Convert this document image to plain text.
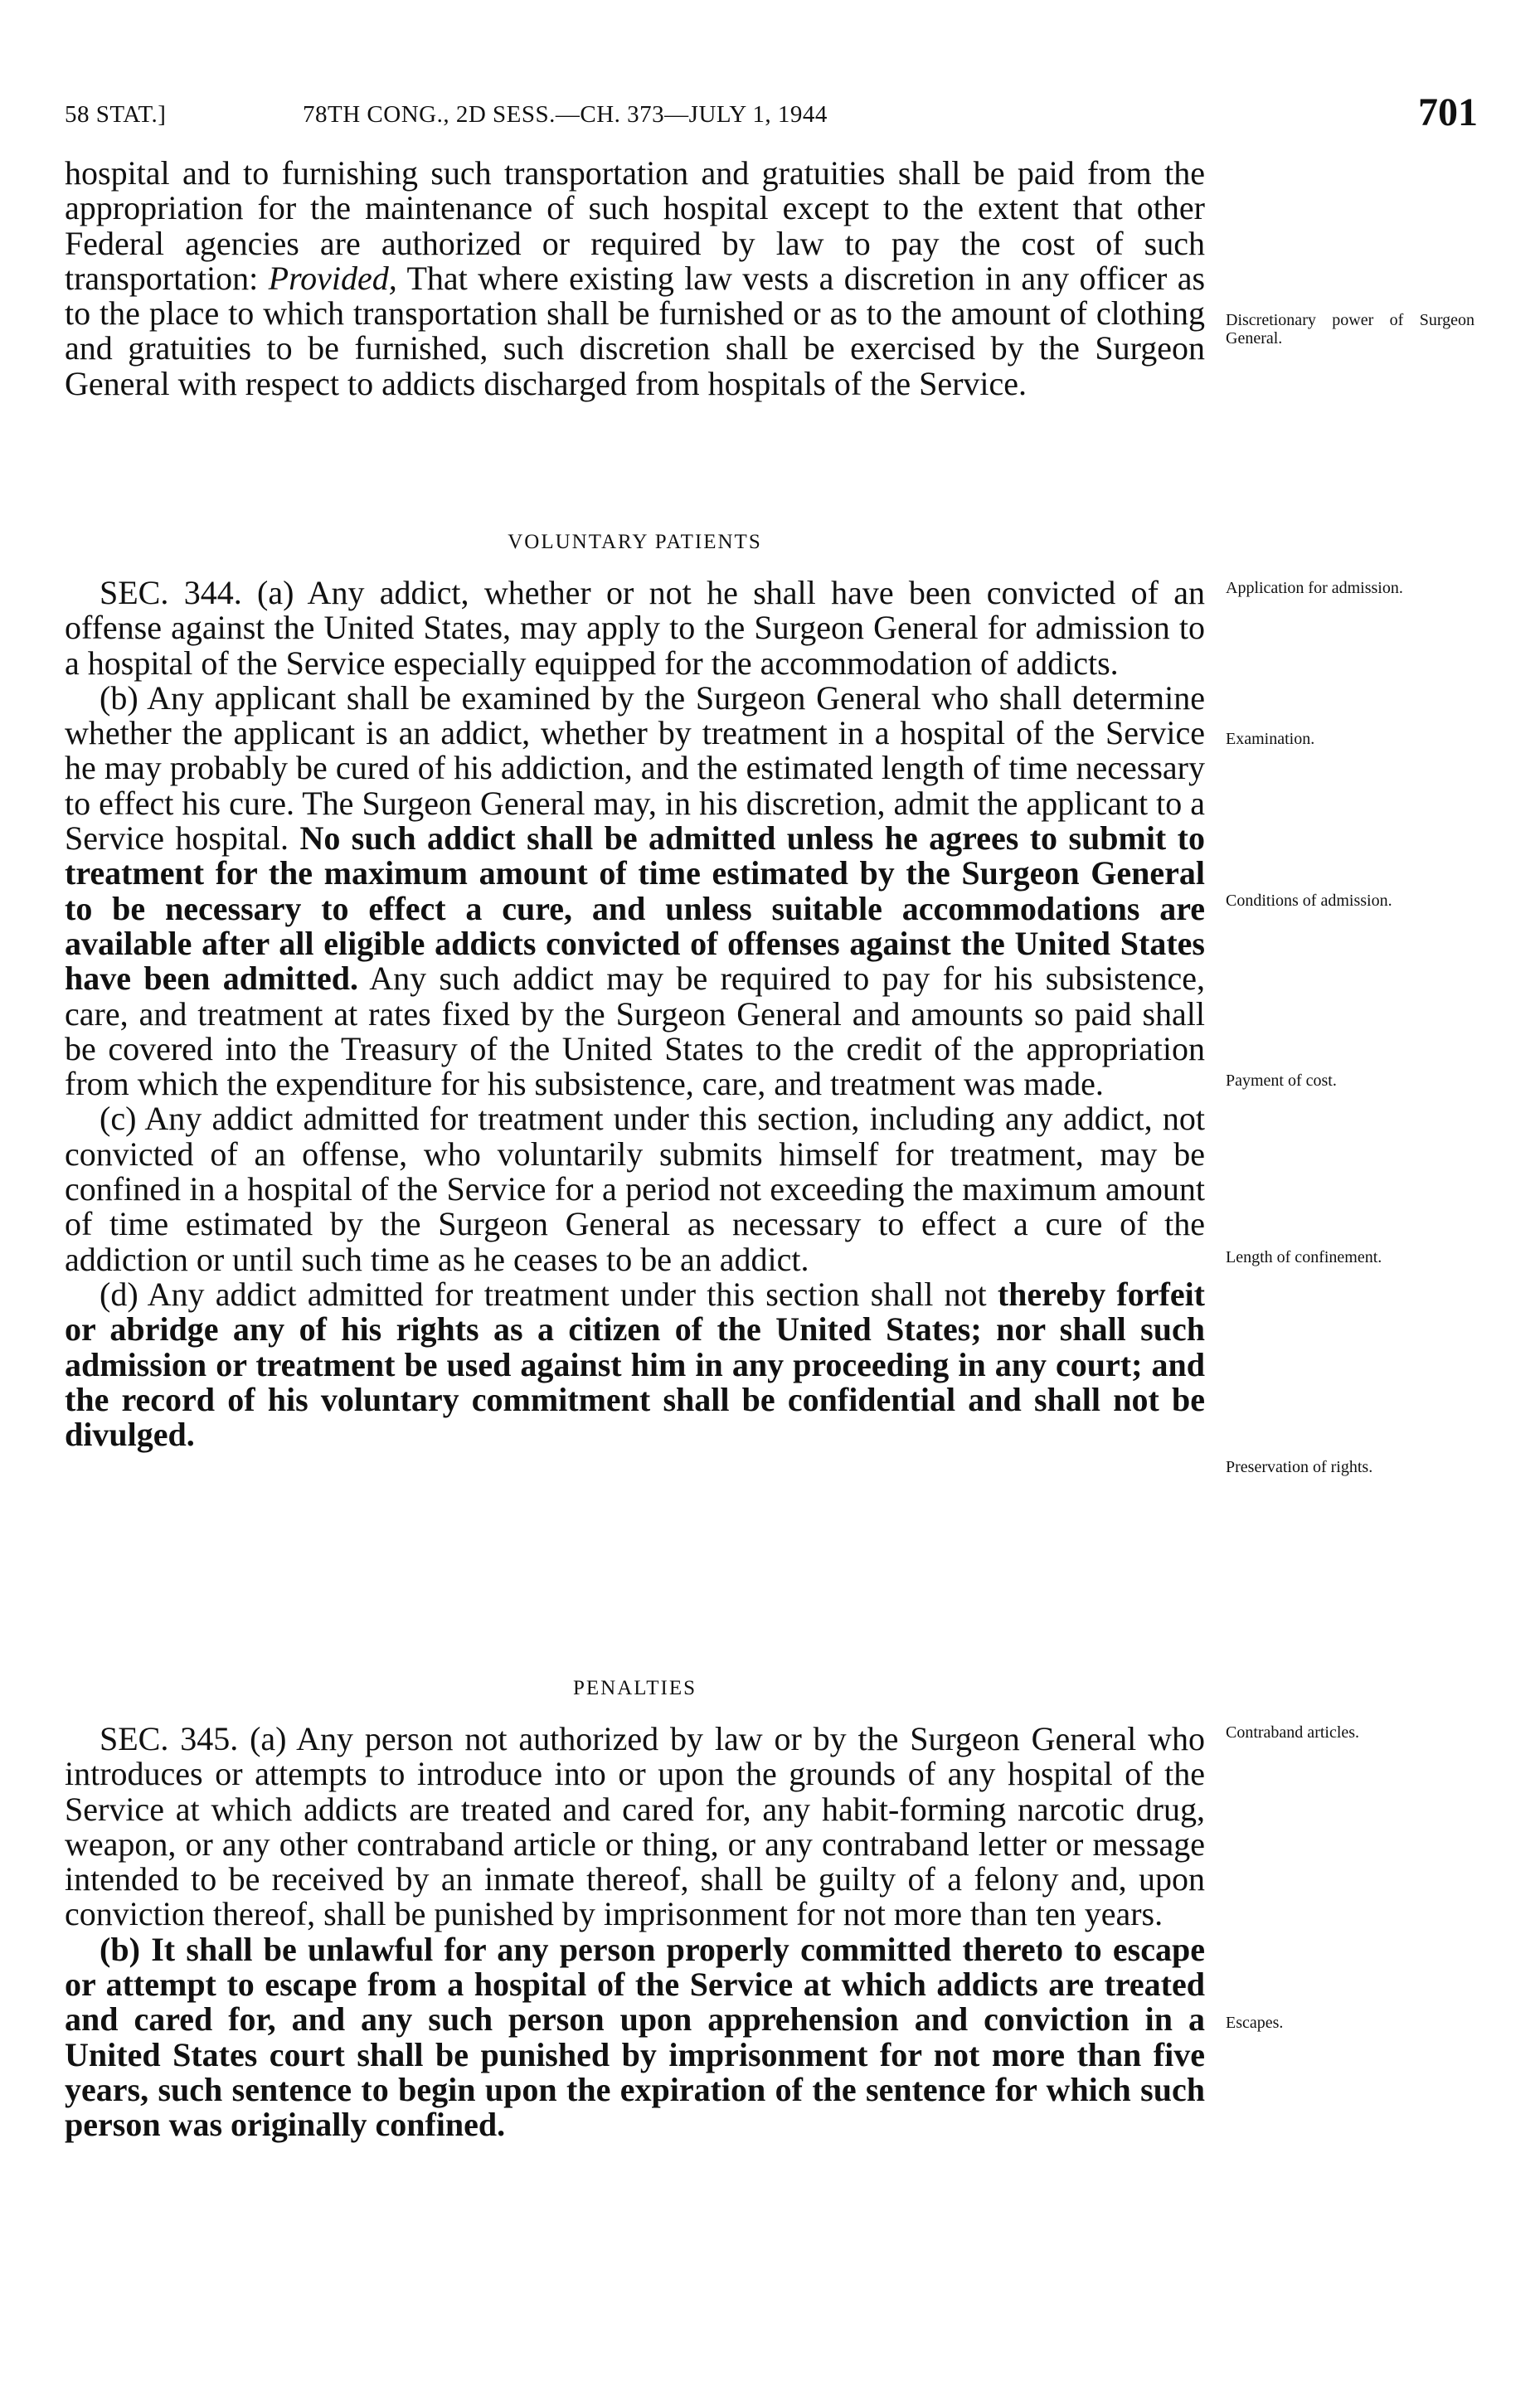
58 STAT.]	78TH CONG., 2D SESS.—CH. 373—JULY 1, 1944	701

hospital and to furnishing such transportation and gratuities shall be paid from the appropriation for the maintenance of such hospital except to the extent that other Federal agencies are authorized or required by law to pay the cost of such transportation: Provided, That where existing law vests a discretion in any officer as to the place to which transportation shall be furnished or as to the amount of clothing and gratuities to be furnished, such discretion shall be exercised by the Surgeon General with respect to addicts discharged from hospitals of the Service.

VOLUNTARY PATIENTS

SEC. 344. (a) Any addict, whether or not he shall have been convicted of an offense against the United States, may apply to the Surgeon General for admission to a hospital of the Service especially equipped for the accommodation of addicts.

(b) Any applicant shall be examined by the Surgeon General who shall determine whether the applicant is an addict, whether by treatment in a hospital of the Service he may probably be cured of his addiction, and the estimated length of time necessary to effect his cure. The Surgeon General may, in his discretion, admit the applicant to a Service hospital. No such addict shall be admitted unless he agrees to submit to treatment for the maximum amount of time estimated by the Surgeon General to be necessary to effect a cure, and unless suitable accommodations are available after all eligible addicts convicted of offenses against the United States have been admitted. Any such addict may be required to pay for his subsistence, care, and treatment at rates fixed by the Surgeon General and amounts so paid shall be covered into the Treasury of the United States to the credit of the appropriation from which the expenditure for his subsistence, care, and treatment was made.

(c) Any addict admitted for treatment under this section, including any addict, not convicted of an offense, who voluntarily submits himself for treatment, may be confined in a hospital of the Service for a period not exceeding the maximum amount of time estimated by the Surgeon General as necessary to effect a cure of the addiction or until such time as he ceases to be an addict.

(d) Any addict admitted for treatment under this section shall not thereby forfeit or abridge any of his rights as a citizen of the United States; nor shall such admission or treatment be used against him in any proceeding in any court; and the record of his voluntary commitment shall be confidential and shall not be divulged.

PENALTIES

SEC. 345. (a) Any person not authorized by law or by the Surgeon General who introduces or attempts to introduce into or upon the grounds of any hospital of the Service at which addicts are treated and cared for, any habit-forming narcotic drug, weapon, or any other contraband article or thing, or any contraband letter or message intended to be received by an inmate thereof, shall be guilty of a felony and, upon conviction thereof, shall be punished by imprisonment for not more than ten years.

(b) It shall be unlawful for any person properly committed thereto to escape or attempt to escape from a hospital of the Service at which addicts are treated and cared for, and any such person upon apprehension and conviction in a United States court shall be punished by imprisonment for not more than five years, such sentence to begin upon the expiration of the sentence for which such person was originally confined.

Discretionary power of Surgeon General.
Application for admission.
Examination.
Conditions of admission.
Payment of cost.
Length of confinement.
Preservation of rights.
Contraband articles.
Escapes.
